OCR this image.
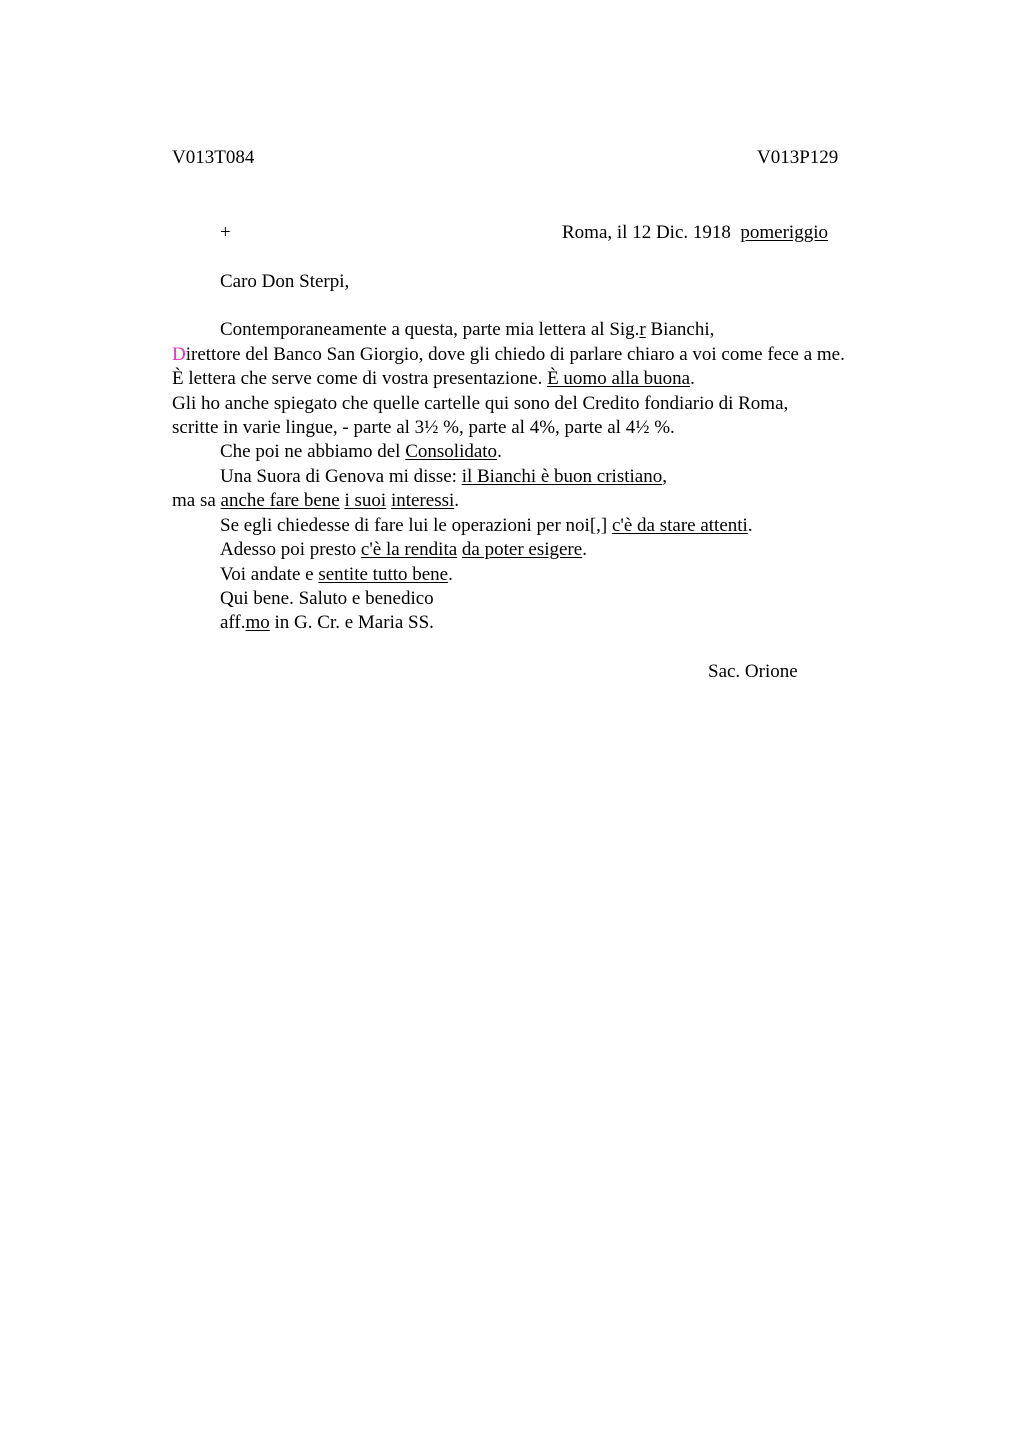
V013T084	V013P129
+	Roma, il 12 Dic. 1918 pomeriggio
Caro Don Sterpi,
Contemporaneamente a questa, parte mia lettera al Sig.r Bianchi,
Direttore del Banco San Giorgio, dove gli chiedo di parlare chiaro a voi come fece a me.
È lettera che serve come di vostra presentazione. È uomo alla buona.
Gli ho anche spiegato che quelle cartelle qui sono del Credito fondiario di Roma,
scritte in varie lingue, - parte al 3½ %, parte al 4%, parte al 4½ %.
Che poi ne abbiamo del Consolidato.
Una Suora di Genova mi disse: il Bianchi è buon cristiano,
ma sa anche fare bene i suoi interessi.
Se egli chiedesse di fare lui le operazioni per noi[,] c'è da stare attenti.
Adesso poi presto c'è la rendita da poter esigere.
Voi andate e sentite tutto bene.
Qui bene. Saluto e benedico
aff.mo in G. Cr. e Maria SS.
Sac. Orione
